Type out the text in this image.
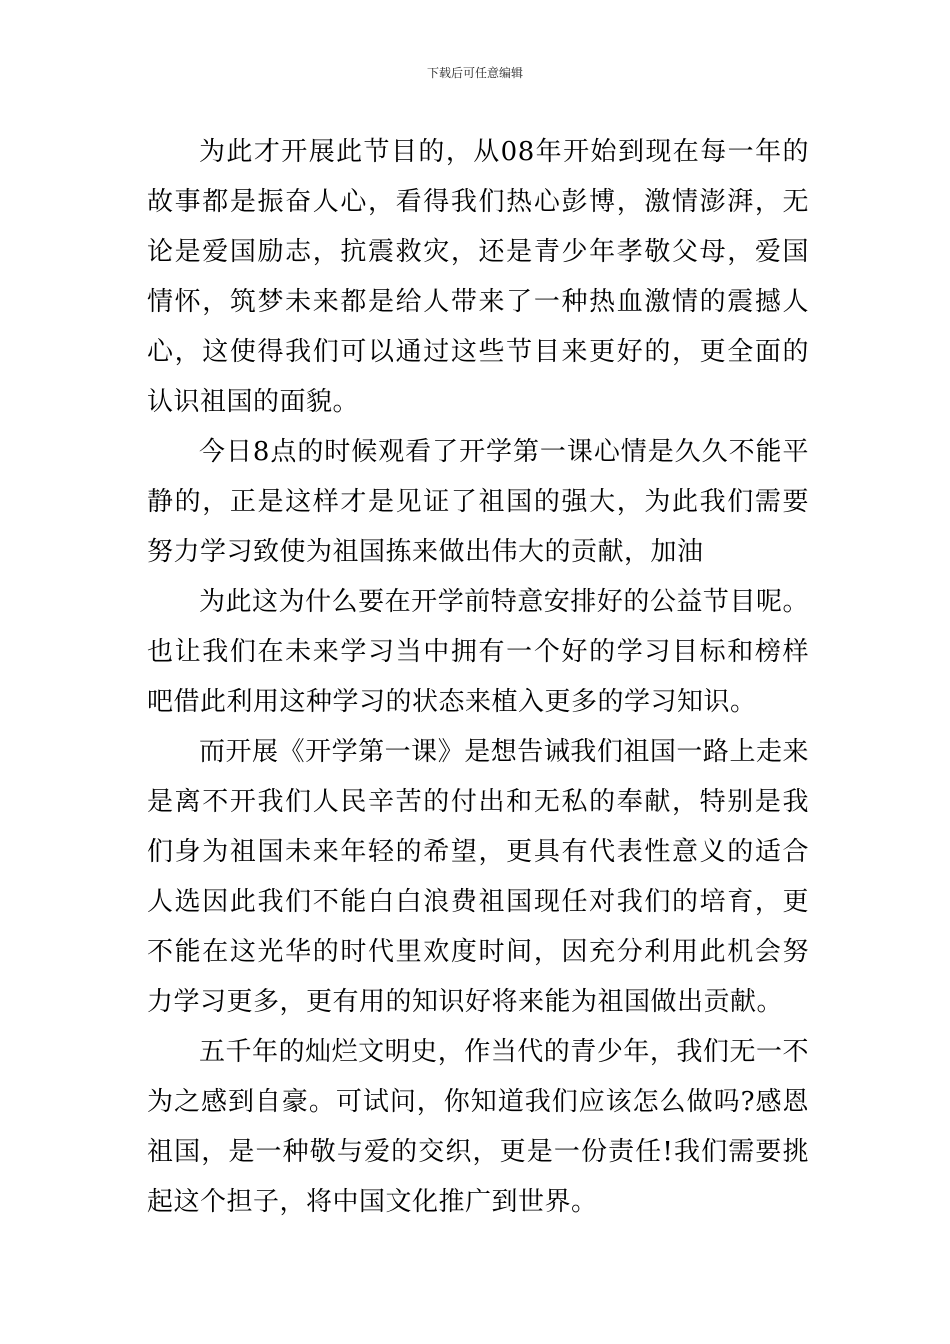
下载后可任意编辑

为此才开展此节目的，从08年开始到现在每一年的故事都是振奋人心，看得我们热心彭博，激情澎湃，无论是爱国励志，抗震救灾，还是青少年孝敬父母，爱国情怀，筑梦未来都是给人带来了一种热血激情的震撼人心，这使得我们可以通过这些节目来更好的，更全面的认识祖国的面貌。

今日8点的时候观看了开学第一课心情是久久不能平静的，正是这样才是见证了祖国的强大，为此我们需要努力学习致使为祖国拣来做出伟大的贡献，加油

为此这为什么要在开学前特意安排好的公益节目呢。也让我们在未来学习当中拥有一个好的学习目标和榜样吧借此利用这种学习的状态来植入更多的学习知识。

而开展《开学第一课》是想告诫我们祖国一路上走来是离不开我们人民辛苦的付出和无私的奉献，特别是我们身为祖国未来年轻的希望，更具有代表性意义的适合人选因此我们不能白白浪费祖国现任对我们的培育，更不能在这光华的时代里欢度时间，因充分利用此机会努力学习更多，更有用的知识好将来能为祖国做出贡献。

五千年的灿烂文明史，作当代的青少年，我们无一不为之感到自豪。可试问，你知道我们应该怎么做吗?感恩祖国，是一种敬与爱的交织，更是一份责任!我们需要挑起这个担子，将中国文化推广到世界。
